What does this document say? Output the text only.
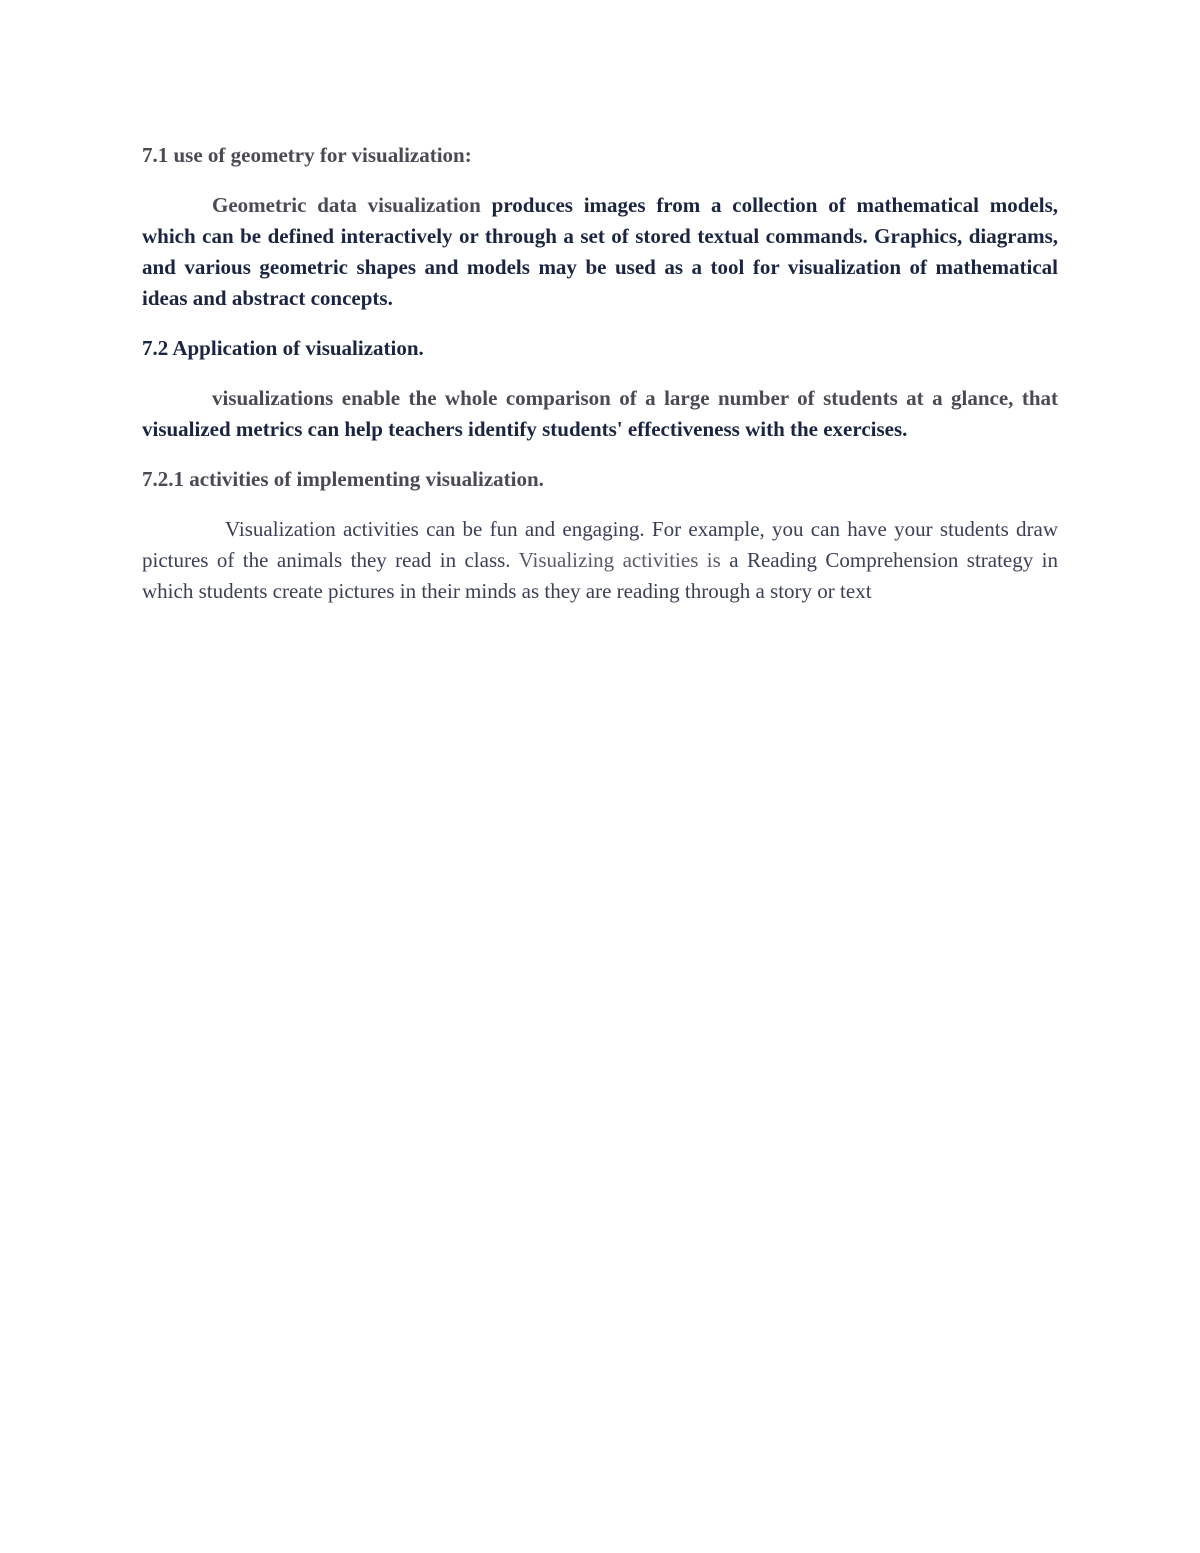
7.1 use of geometry for visualization:

Geometric data visualization produces images from a collection of mathematical models, which can be defined interactively or through a set of stored textual commands. Graphics, diagrams, and various geometric shapes and models may be used as a tool for visualization of mathematical ideas and abstract concepts.

7.2 Application of visualization.

visualizations enable the whole comparison of a large number of students at a glance, that visualized metrics can help teachers identify students' effectiveness with the exercises.

7.2.1 activities of implementing visualization.

Visualization activities can be fun and engaging. For example, you can have your students draw pictures of the animals they read in class. Visualizing activities is a Reading Comprehension strategy in which students create pictures in their minds as they are reading through a story or text
